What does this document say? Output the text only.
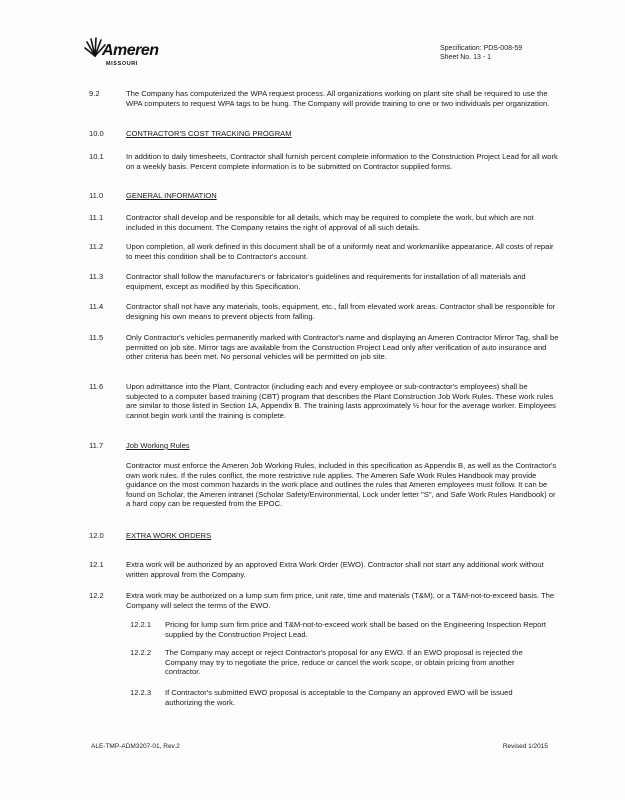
Ameren
MISSOURI
Specification: PDS-008-59
Sheet No. 13 - 1
9.2	The Company has computerized the WPA request process. All organizations working on plant site shall be required to use the WPA computers to request WPA tags to be hung. The Company will provide training to one or two individuals per organization.
10.0	CONTRACTOR'S COST TRACKING PROGRAM
10.1	In addition to daily timesheets, Contractor shall furnish percent complete information to the Construction Project Lead for all work on a weekly basis. Percent complete information is to be submitted on Contractor supplied forms.
11.0	GENERAL INFORMATION
11.1	Contractor shall develop and be responsible for all details, which may be required to complete the work, but which are not included in this document. The Company retains the right of approval of all such details.
11.2	Upon completion, all work defined in this document shall be of a uniformly neat and workmanlike appearance. All costs of repair to meet this condition shall be to Contractor's account.
11.3	Contractor shall follow the manufacturer's or fabricator's guidelines and requirements for installation of all materials and equipment, except as modified by this Specification.
11.4	Contractor shall not have any materials, tools, equipment, etc., fall from elevated work areas. Contractor shall be responsible for designing his own means to prevent objects from falling.
11.5	Only Contractor's vehicles permanently marked with Contractor's name and displaying an Ameren Contractor Mirror Tag, shall be permitted on job site. Mirror tags are available from the Construction Project Lead only after verification of auto insurance and other criteria has been met. No personal vehicles will be permitted on job site.
11.6	Upon admittance into the Plant, Contractor (including each and every employee or sub-contractor's employees) shall be subjected to a computer based training (CBT) program that describes the Plant Construction Job Work Rules. These work rules are similar to those listed in Section 1A, Appendix B. The training lasts approximately ½ hour for the average worker. Employees cannot begin work until the training is complete.
11.7	Job Working Rules
Contractor must enforce the Ameren Job Working Rules, included in this specification as Appendix B, as well as the Contractor's own work rules. If the rules conflict, the more restrictive rule applies. The Ameren Safe Work Rules Handbook may provide guidance on the most common hazards in the work place and outlines the rules that Ameren employees must follow. It can be found on Scholar, the Ameren intranet (Scholar Safety/Environmental, Lock under letter "S", and Safe Work Rules Handbook) or a hard copy can be requested from the EPOC.
12.0	EXTRA WORK ORDERS
12.1	Extra work will be authorized by an approved Extra Work Order (EWO). Contractor shall not start any additional work without written approval from the Company.
12.2	Extra work may be authorized on a lump sum firm price, unit rate, time and materials (T&M), or a T&M-not-to-exceed basis. The Company will select the terms of the EWO.
12.2.1	Pricing for lump sum firm price and T&M-not-to-exceed work shall be based on the Engineering Inspection Report supplied by the Construction Project Lead.
12.2.2	The Company may accept or reject Contractor's proposal for any EWO. If an EWO proposal is rejected the Company may try to negotiate the price, reduce or cancel the work scope, or obtain pricing from another contractor.
12.2.3	If Contractor's submitted EWO proposal is acceptable to the Company an approved EWO will be issued authorizing the work.
ALE-TMP-ADM3207-01, Rev.2	Revised 1/2015
